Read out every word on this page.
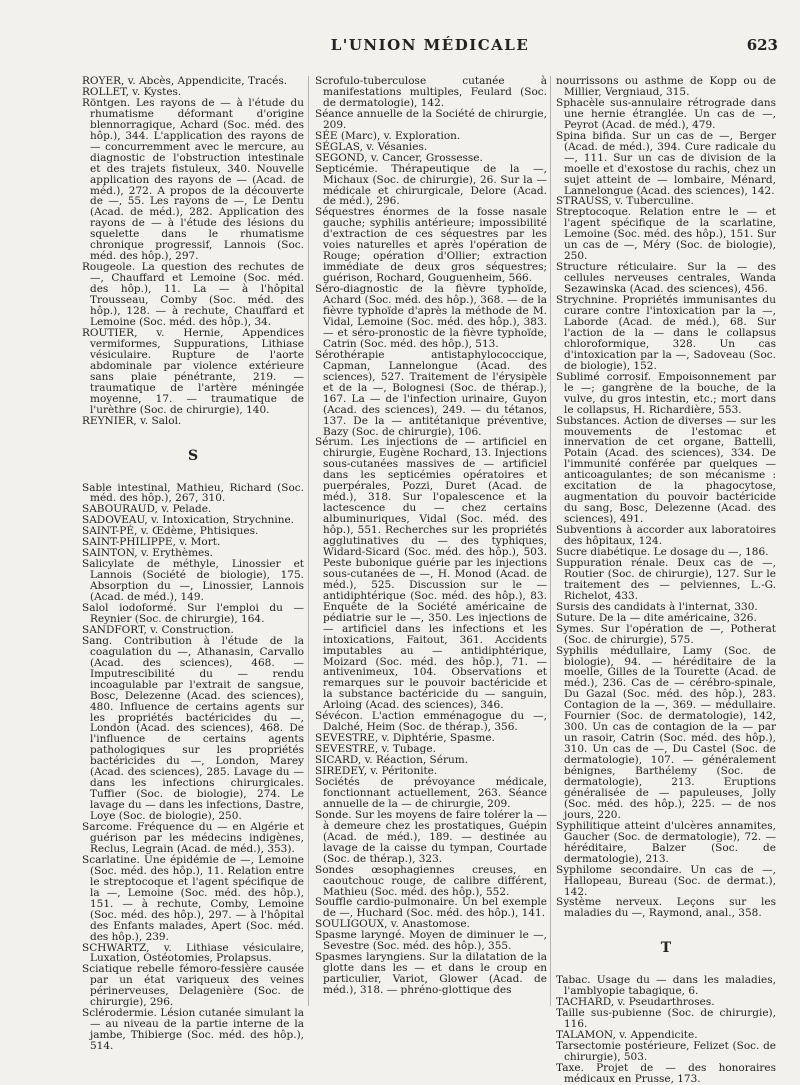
L'UNION MÉDICALE	623

ROYER, v. Abcès, Appendicite, Tracés.

ROLLET, v. Kystes.

Röntgen. Les rayons de — à l'étude du rhumatisme déformant d'origine blennorragique, Achard (Soc. méd. des hôp.), 344. L'application des rayons de — concurremment avec le mercure, au diagnostic de l'obstruction intestinale et des trajets fistuleux, 340. Nouvelle application des rayons de — (Acad. de méd.), 272. A propos de la découverte de —, 55. Les rayons de —, Le Dentu (Acad. de méd.), 282. Application des rayons de — à l'étude des lésions du squelette dans le rhumatisme chronique progressif, Lannois (Soc. méd. des hôp.), 297.

Rougeole. La question des rechutes de —, Chauffard et Lemoine (Soc. méd. des hôp.), 11. La — à l'hôpital Trousseau, Comby (Soc. méd. des hôp.), 128. — à rechute, Chauffard et Lemoine (Soc. méd. des hôp.), 34.

ROUTIER, v. Hernie, Appendices vermiformes, Suppurations, Lithiase vésiculaire. Rupture de l'aorte abdominale par violence extérieure sans plaie pénétrante, 219. — traumatique de l'artère méningée moyenne, 17. — traumatique de l'urèthre (Soc. de chirurgie), 140.

REYNIER, v. Salol.

S

Sable intestinal, Mathieu, Richard (Soc. méd. des hôp.), 267, 310.

SABOURAUD, v. Pelade.

SADOVEAU, v. Intoxication, Strychnine.

SAINT-PÉ, v. Œdème, Phtisiques.

SAINT-PHILIPPE, v. Mort.

SAINTON, v. Erythèmes.

Salicylate de méthyle, Linossier et Lannois (Société de biologie), 175. Absorption du —, Linossier, Lannois (Acad. de méd.), 149.

Salol iodoformé. Sur l'emploi du — Reynier (Soc. de chirurgie), 164.

SANDFORT, v. Construction.

Sang. Contribution à l'étude de la coagulation du —, Athanasin, Carvallo (Acad. des sciences), 468. — Imputrescibilité du — rendu incoagulable par l'extrait de sangsue, Bosc, Delezenne (Acad. des sciences), 480. Influence de certains agents sur les propriétés bactéricides du —, London (Acad. des sciences), 468. De l'influence de certains agents pathologiques sur les propriétés bactéricides du —, London, Marey (Acad. des sciences), 285. Lavage du — dans les infections chirurgicales. Tuffier (Soc. de biologie), 274. Le lavage du — dans les infections, Dastre, Loye (Soc. de biologie), 250.

Sarcome. Fréquence du — en Algérie et guérison par les médecins indigènes, Reclus, Legrain (Acad. de méd.), 353).

Scarlatine. Une épidémie de —, Lemoine (Soc. méd. des hôp.), 11. Relation entre le streptocoque et l'agent spécifique de la —, Lemoine (Soc. méd. des hôp.), 151. — à rechute, Comby, Lemoine (Soc. méd. des hôp.), 297. — à l'hôpital des Enfants malades, Apert (Soc. méd. des hôp.), 239.

SCHWARTZ, v. Lithiase vésiculaire, Luxation, Ostéotomies, Prolapsus.

Sciatique rebelle fémoro-fessière causée par un état variqueux des veines périnerveuses, Delagenière (Soc. de chirurgie), 296.

Sclérodermie. Lésion cutanée simulant la — au niveau de la partie interne de la jambe, Thibierge (Soc. méd. des hôp.), 514.

Scrofulo-tuberculose cutanée à manifestations multiples, Feulard (Soc. de dermatologie), 142.

Séance annuelle de la Société de chirurgie, 209.

SÉE (Marc), v. Exploration.

SÉGLAS, v. Vésanies.

SEGOND, v. Cancer, Grossesse.

Septicémie. Thérapeutique de la —, Michaux (Soc. de chirurgie), 26. Sur la — médicale et chirurgicale, Delore (Acad. de méd.), 296.

Séquestres énormes de la fosse nasale gauche; syphilis antérieure; impossibilité d'extraction de ces séquestres par les voies naturelles et après l'opération de Rouge; opération d'Ollier; extraction immédiate de deux gros séquestres; guérison, Rochard, Gouguenheim, 566.

Séro-diagnostic de la fièvre typhoïde, Achard (Soc. méd. des hôp.), 368. — de la fièvre typhoïde d'après la méthode de M. Vidal, Lemoine (Soc. méd. des hôp.), 383. — et séro-pronostic de la fièvre typhoïde, Catrin (Soc. méd. des hôp.), 513.

Sérothérapie antistaphylococcique, Capman, Lannelongue (Acad. des sciences), 527. Traitement de l'érysipèle et de la —, Bolognesi (Soc. de thérap.), 167. La — de l'infection urinaire, Guyon (Acad. des sciences), 249. — du tétanos, 137. De la — antitétanique préventive, Bazy (Soc. de chirurgie), 106.

Sérum. Les injections de — artificiel en chirurgie, Eugène Rochard, 13. Injections sous-cutanées massives de — artificiel dans les septicémies opératoires et puerpérales, Pozzi, Duret (Acad. de méd.), 318. Sur l'opalescence et la lactescence du — chez certains albuminuriques, Vidal (Soc. méd. des hôp.), 551. Recherches sur les propriétés agglutinatives du — des typhiques, Widard-Sicard (Soc. méd. des hôp.), 503. Peste bubonique guérie par les injections sous-cutanées de —, H. Monod (Acad. de méd.), 525. Discussion sur le — antidiphtérique (Soc. méd. des hôp.), 83. Enquête de la Société américaine de pédiatrie sur le —, 350. Les injections de — artificiel dans les infections et les intoxications, Faitout, 361. Accidents imputables au — antidiphtérique, Moizard (Soc. méd. des hôp.), 71. — antivenimeux, 104. Observations et remarques sur le pouvoir bactéricide et la substance bactéricide du — sanguin, Arloing (Acad. des sciences), 346.

Sévécon. L'action emménagogue du —, Dalché, Heim (Soc. de thérap.), 356.

SEVESTRE, v. Diphtérie, Spasme.

SEVESTRE, v. Tubage.

SICARD, v. Réaction, Sérum.

SIREDEY, v. Péritonite.

Sociétés de prévoyance médicale, fonctionnant actuellement, 263. Séance annuelle de la — de chirurgie, 209.

Sonde. Sur les moyens de faire tolérer la — à demeure chez les prostatiques, Guépin (Acad. de méd.), 189. — destinée au lavage de la caisse du tympan, Courtade (Soc. de thérap.), 323.

Sondes œsophagiennes creuses, en caoutchouc rouge, de calibre différent, Mathieu (Soc. méd. des hôp.), 552.

Souffle cardio-pulmonaire. Un bel exemple de —, Huchard (Soc. méd. des hôp.), 141.

SOULIGOUX, v. Anastomose.

Spasme laryngé. Moyen de diminuer le —, Sevestre (Soc. méd. des hôp.), 355.

Spasmes laryngiens. Sur la dilatation de la glotte dans les — et dans le croup en particulier, Variot, Glower (Acad. de méd.), 318. — phréno-glottique des

nourrissons ou asthme de Kopp ou de Millier, Vergniaud, 315.

Sphacèle sus-annulaire rétrograde dans une hernie étranglée. Un cas de —, Peyrot (Acad. de méd.), 479.

Spina bifida. Sur un cas de —, Berger (Acad. de méd.), 394. Cure radicale du —, 111. Sur un cas de division de la moelle et d'exostose du rachis, chez un sujet atteint de — lombaire, Ménard, Lannelongue (Acad. des sciences), 142.

STRAUSS, v. Tuberculine.

Streptocoque. Relation entre le — et l'agent spécifique de la scarlatine, Lemoine (Soc. méd. des hôp.), 151. Sur un cas de —, Méry (Soc. de biologie), 250.

Structure réticulaire. Sur la — des cellules nerveuses centrales, Wanda Sezawinska (Acad. des sciences), 456.

Strychnine. Propriétés immunisantes du curare contre l'intoxication par la —, Laborde (Acad. de méd.), 68. Sur l'action de la — dans le collapsus chloroformique, 328. Un cas d'intoxication par la —, Sadoveau (Soc. de biologie), 152.

Sublimé corrosif. Empoisonnement par le —; gangrène de la bouche, de la vulve, du gros intestin, etc.; mort dans le collapsus, H. Richardière, 553.

Substances. Action de diverses — sur les mouvements de l'estomac et innervation de cet organe, Battelli, Potain (Acad. des sciences), 334. De l'immunité conférée par quelques — anticoagulantes; de son mécanisme : excitation de la phagocytose, augmentation du pouvoir bactéricide du sang, Bosc, Delezenne (Acad. des sciences), 491.

Subventions à accorder aux laboratoires des hôpitaux, 124.

Sucre diabétique. Le dosage du —, 186.

Suppuration rénale. Deux cas de —, Routier (Soc. de chirurgie), 127. Sur le traitement des — pelviennes, L.-G. Richelot, 433.

Sursis des candidats à l'internat, 330.

Suture. De la — dite américaine, 326.

Symes. Sur l'opération de —, Potherat (Soc. de chirurgie), 575.

Syphilis médullaire, Lamy (Soc. de biologie), 94. — héréditaire de la moelle, Gilles de la Tourette (Acad. de méd.), 236. Cas de — cérébro-spinale, Du Gazal (Soc. méd. des hôp.), 283. Contagion de la —, 369. — médullaire. Fournier (Soc. de dermatologie), 142, 300. Un cas de contagion de la — par un rasoir, Catrin (Soc. méd. des hôp.), 310. Un cas de —, Du Castel (Soc. de dermatologie), 107. — généralement bénignes, Barthélemy (Soc. de dermatologie), 213. Eruptions généralisée de — papuleuses, Jolly (Soc. méd. des hôp.), 225. — de nos jours, 220.

Syphilitique atteint d'ulcères annamites, Gaucher (Soc. de dermatologie), 72. — héréditaire, Balzer (Soc. de dermatologie), 213.

Syphilome secondaire. Un cas de —, Hallopeau, Bureau (Soc. de dermat.), 142.

Système nerveux. Leçons sur les maladies du —, Raymond, anal., 358.

T

Tabac. Usage du — dans les maladies, l'amblyopie tabagique, 6.

TACHARD, v. Pseudarthroses.

Taille sus-pubienne (Soc. de chirurgie), 116.

TALAMON, v. Appendicite.

Tarsectomie postérieure, Felizet (Soc. de chirurgie), 503.

Taxe. Projet de — des honoraires médicaux en Prusse, 173.
